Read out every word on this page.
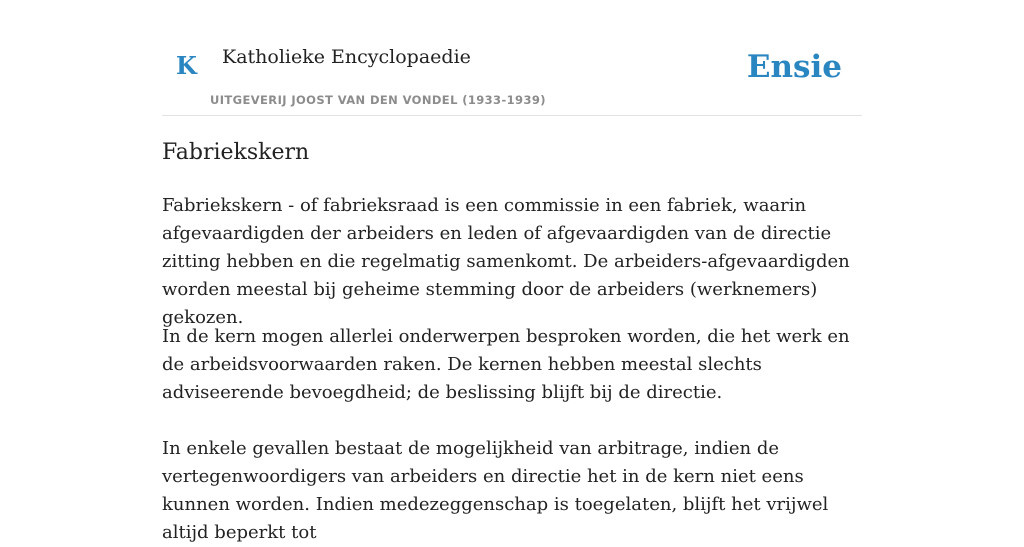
K Katholieke Encyclopaedie
UITGEVERIJ JOOST VAN DEN VONDEL (1933-1939)
Ensie
Fabriekskern

Fabriekskern - of fabrieksraad is een commissie in een fabriek, waarin afgevaardigden der arbeiders en leden of afgevaardigden van de directie zitting hebben en die regelmatig samenkomt. De arbeiders-afgevaardigden worden meestal bij geheime stemming door de arbeiders (werknemers) gekozen.

In de kern mogen allerlei onderwerpen besproken worden, die het werk en de arbeidsvoorwaarden raken. De kernen hebben meestal slechts adviseerende bevoegdheid; de beslissing blijft bij de directie.

In enkele gevallen bestaat de mogelijkheid van arbitrage, indien de vertegenwoordigers van arbeiders en directie het in de kern niet eens kunnen worden. Indien medezeggenschap is toegelaten, blijft het vrijwel altijd beperkt tot
